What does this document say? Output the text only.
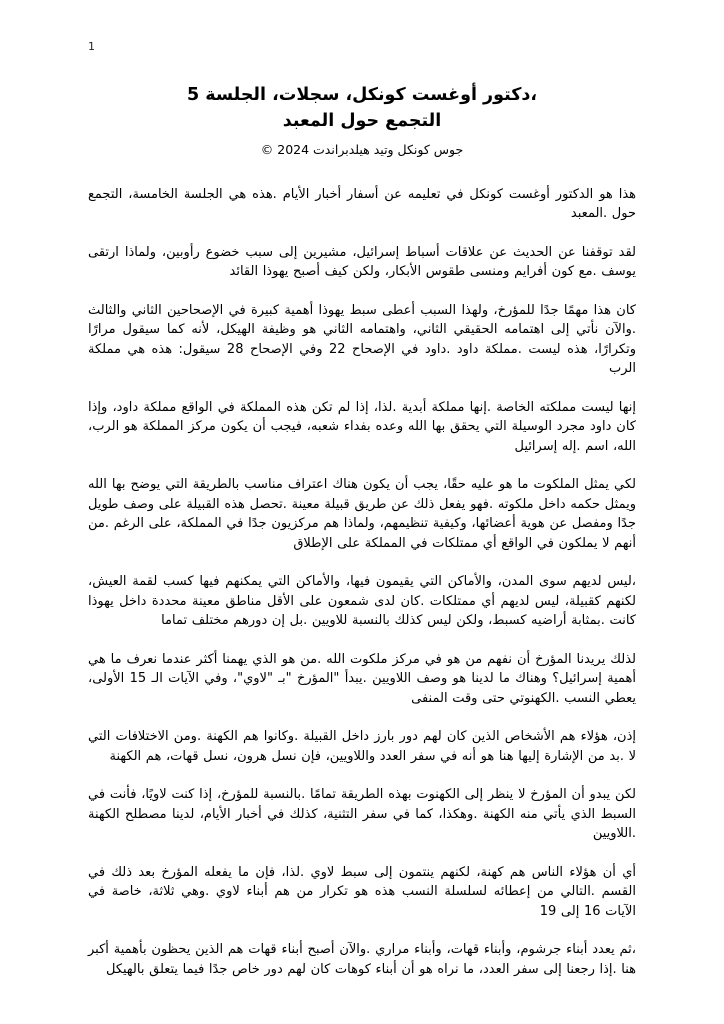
1
،دكتور أوغست كونكل، سجلات، الجلسة 5
التجمع حول المعبد
جوس كونكل وتيد هيلدبراندت 2024 ©

هذا هو الدكتور أوغست كونكل في تعليمه عن أسفار أخبار الأيام .هذه هي الجلسة الخامسة، التجمع حول .المعبد

لقد توقفنا عن الحديث عن علاقات أسباط إسرائيل، مشيرين إلى سبب خضوع رأوبين، ولماذا ارتقى يوسف .مع كون أفرايم ومنسى طقوس الأبكار، ولكن كيف أصبح يهوذا القائد

كان هذا مهمًا جدًا للمؤرخ، ولهذا السبب أعطى سبط يهوذا أهمية كبيرة في الإصحاحين الثاني والثالث .والآن نأتي إلى اهتمامه الحقيقي الثاني، واهتمامه الثاني هو وظيفة الهيكل، لأنه كما سيقول مرارًا وتكرارًا، هذه ليست .مملكة داود .داود في الإصحاح 22 وفي الإصحاح 28 سيقول: هذه هي مملكة الرب

إنها ليست مملكته الخاصة .إنها مملكة أبدية .لذا، إذا لم تكن هذه المملكة في الواقع مملكة داود، وإذا كان داود مجرد الوسيلة التي يحقق بها الله وعده بفداء شعبه، فيجب أن يكون مركز المملكة هو الرب، الله، اسم .إله إسرائيل

لكي يمثل الملكوت ما هو عليه حقًا، يجب أن يكون هناك اعتراف مناسب بالطريقة التي يوضح بها الله ويمثل حكمه داخل ملكوته .فهو يفعل ذلك عن طريق قبيلة معينة .تحصل هذه القبيلة على وصف طويل جدًا ومفصل عن هوية أعضائها، وكيفية تنظيمهم، ولماذا هم مركزيون جدًا في المملكة، على الرغم .من أنهم لا يملكون في الواقع أي ممتلكات في المملكة على الإطلاق

،ليس لديهم سوى المدن، والأماكن التي يقيمون فيها، والأماكن التي يمكنهم فيها كسب لقمة العيش، لكنهم كقبيلة، ليس لديهم أي ممتلكات .كان لدى شمعون على الأقل مناطق معينة محددة داخل يهوذا كانت .بمثابة أراضيه كسبط، ولكن ليس كذلك بالنسبة للاويين .بل إن دورهم مختلف تماما

لذلك يريدنا المؤرخ أن نفهم من هو في مركز ملكوت الله .من هو الذي يهمنا أكثر عندما نعرف ما هي أهمية إسرائيل؟ وهناك ما لدينا هو وصف اللاويين .يبدأ "المؤرخ "بـ "لاوي"، وفي الآيات الـ 15 الأولى، يعطي النسب .الكهنوتي حتى وقت المنفى

إذن، هؤلاء هم الأشخاص الذين كان لهم دور بارز داخل القبيلة .وكانوا هم الكهنة .ومن الاختلافات التي لا .بد من الإشارة إليها هنا هو أنه في سفر العدد واللاويين، فإن نسل هرون، نسل قهات، هم الكهنة

لكن يبدو أن المؤرخ لا ينظر إلى الكهنوت بهذه الطريقة تمامًا .بالنسبة للمؤرخ، إذا كنت لاويًا، فأنت في السبط الذي يأتي منه الكهنة .وهكذا، كما في سفر التثنية، كذلك في أخبار الأيام، لدينا مصطلح الكهنة .اللاويين

أي أن هؤلاء الناس هم كهنة، لكنهم ينتمون إلى سبط لاوي .لذا، فإن ما يفعله المؤرخ بعد ذلك في القسم .التالي من إعطائه لسلسلة النسب هذه هو تكرار من هم أبناء لاوي .وهي ثلاثة، خاصة في الآيات 16 إلى 19

،ثم يعدد أبناء جرشوم، وأبناء قهات، وأبناء مراري .والآن أصبح أبناء قهات هم الذين يحظون بأهمية أكبر هنا .إذا رجعنا إلى سفر العدد، ما نراه هو أن أبناء كوهات كان لهم دور خاص جدًا فيما يتعلق بالهيكل
